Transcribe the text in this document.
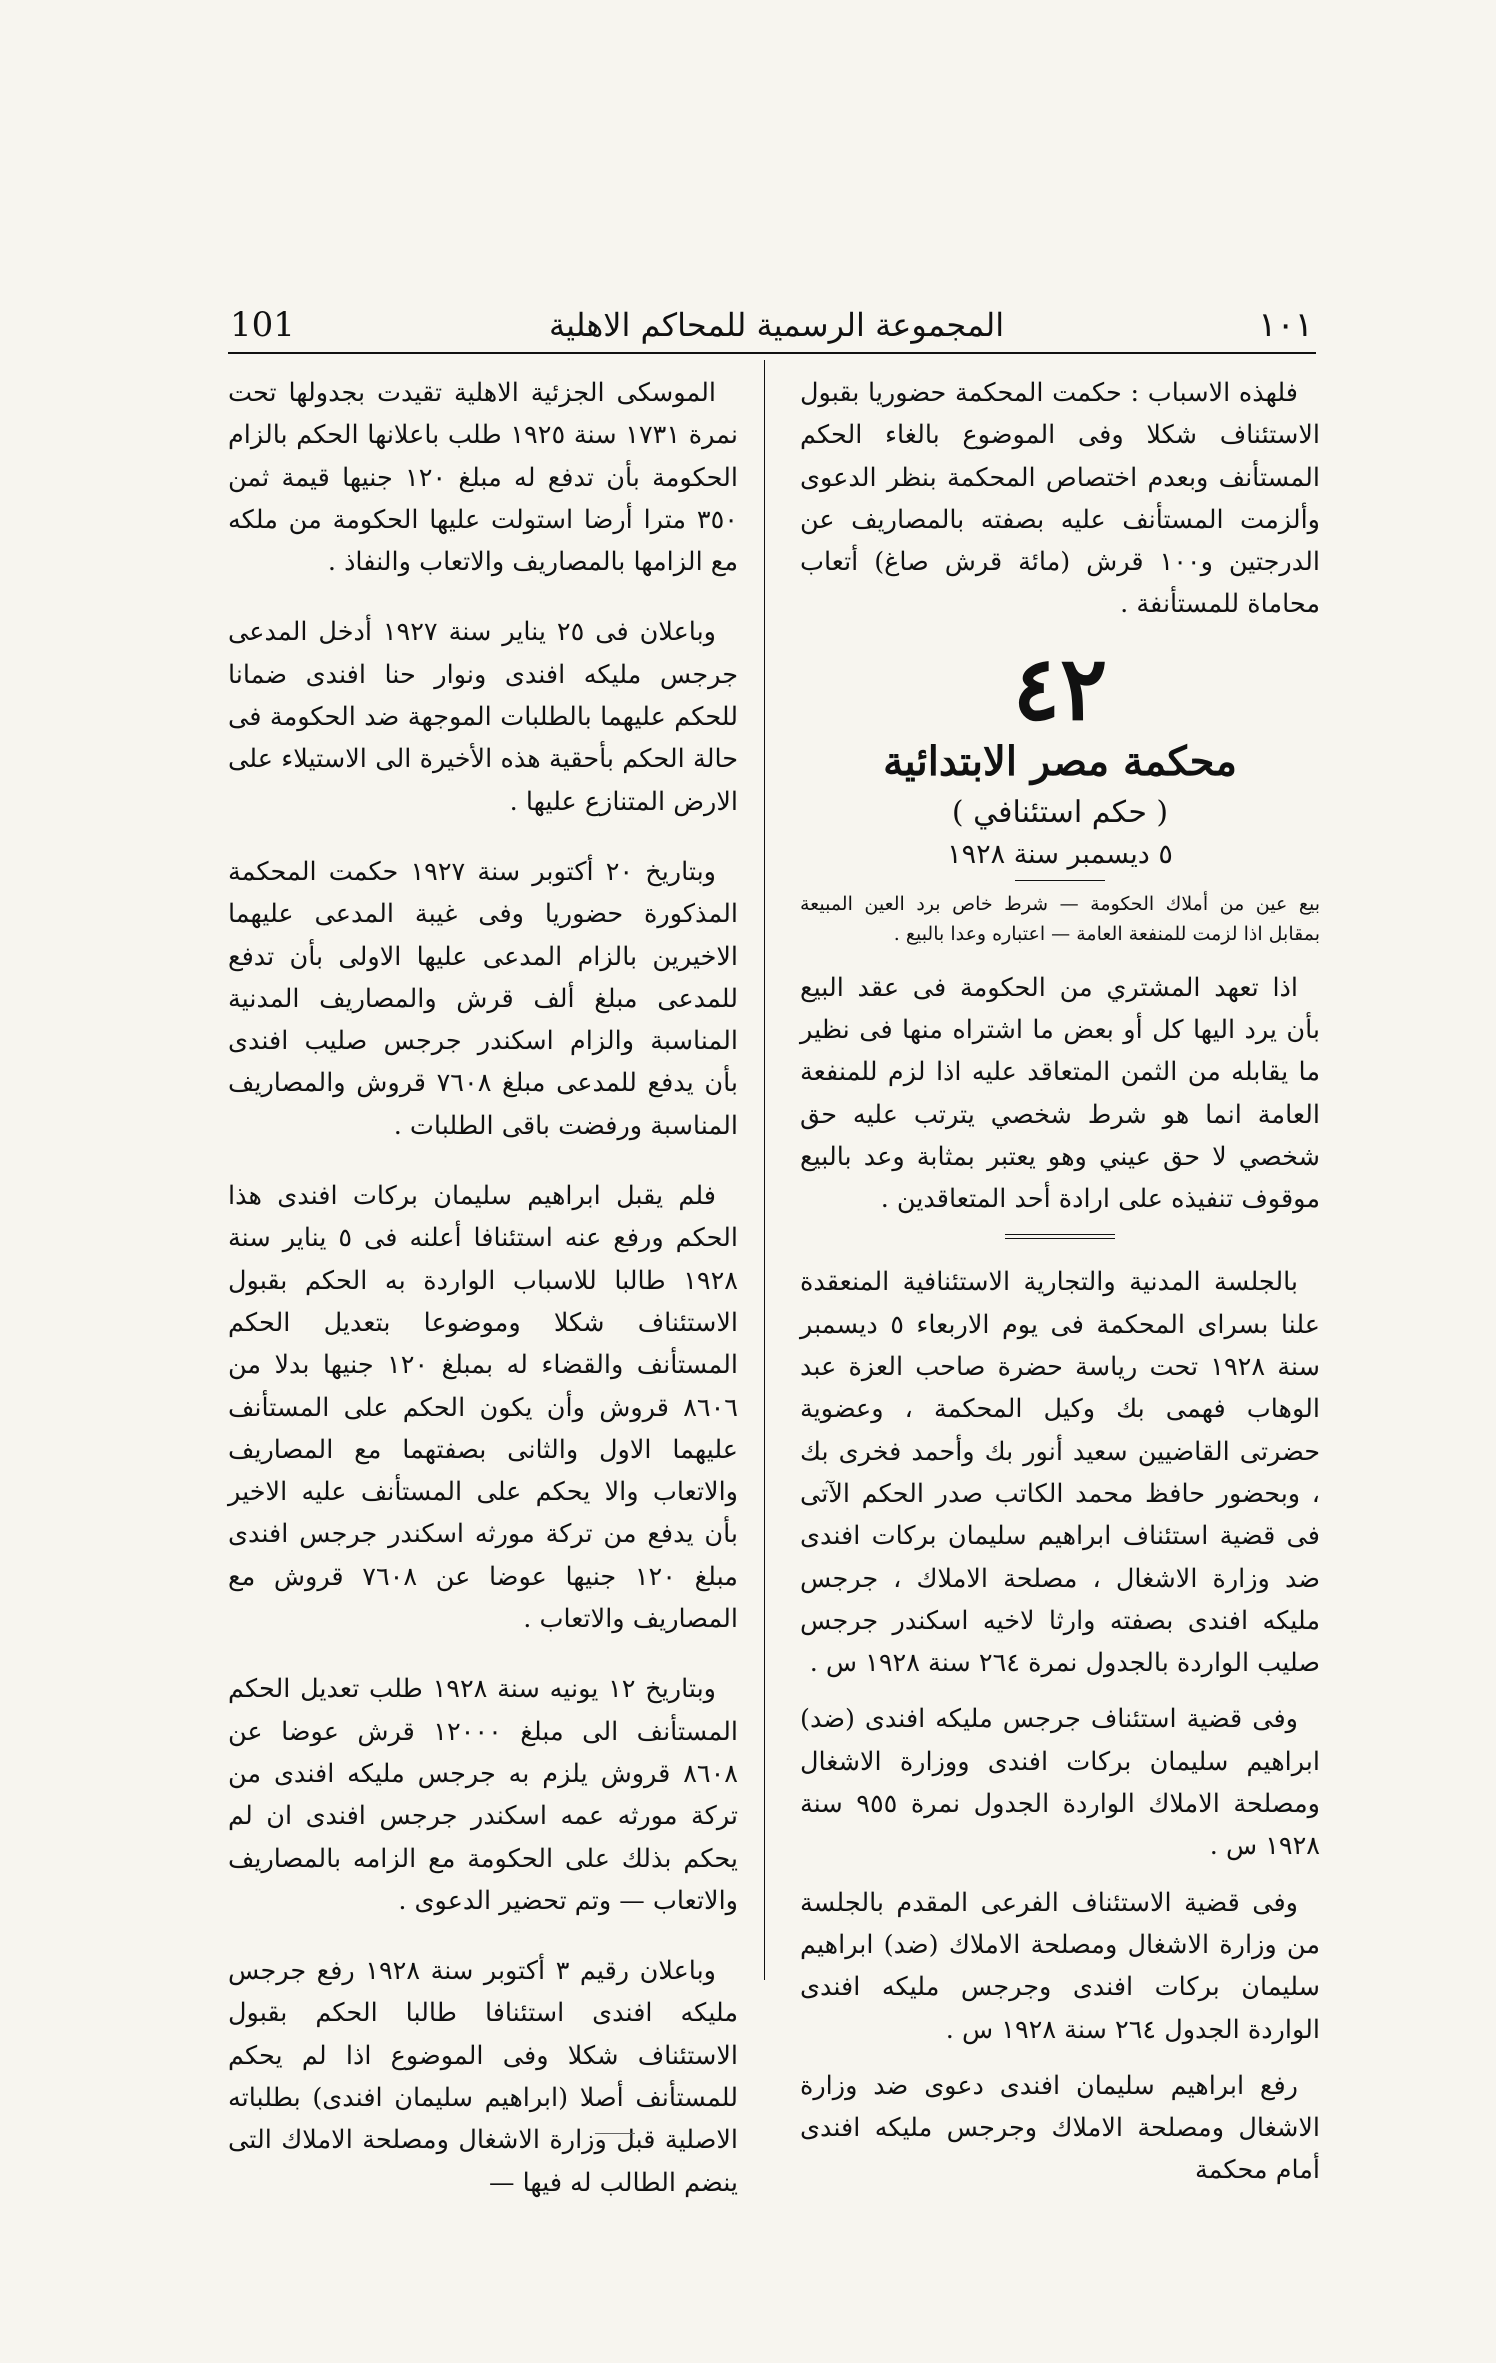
101	المجموعة الرسمية للمحاكم الاهلية	١٠١

فلهذه الاسباب : حكمت المحكمة حضوريا بقبول الاستئناف شكلا وفى الموضوع بالغاء الحكم المستأنف وبعدم اختصاص المحكمة بنظر الدعوى وألزمت المستأنف عليه بصفته بالمصاريف عن الدرجتين و١٠٠ قرش (مائة قرش صاغ) أتعاب محاماة للمستأنفة .

٤٢
محكمة مصر الابتدائية
( حكم استئنافي )
٥ ديسمبر سنة ١٩٢٨
بيع عين من أملاك الحكومة — شرط خاص برد العين المبيعة بمقابل اذا لزمت للمنفعة العامة — اعتباره وعدا بالبيع .

اذا تعهد المشتري من الحكومة فى عقد البيع بأن يرد اليها كل أو بعض ما اشتراه منها فى نظير ما يقابله من الثمن المتعاقد عليه اذا لزم للمنفعة العامة انما هو شرط شخصي يترتب عليه حق شخصي لا حق عيني وهو يعتبر بمثابة وعد بالبيع موقوف تنفيذه على ارادة أحد المتعاقدين .

بالجلسة المدنية والتجارية الاستئنافية المنعقدة علنا بسراى المحكمة فى يوم الاربعاء ٥ ديسمبر سنة ١٩٢٨ تحت رياسة حضرة صاحب العزة عبد الوهاب فهمى بك وكيل المحكمة ، وعضوية حضرتى القاضيين سعيد أنور بك وأحمد فخرى بك ، وبحضور حافظ محمد الكاتب صدر الحكم الآتى فى قضية استئناف ابراهيم سليمان بركات افندى ضد وزارة الاشغال ، مصلحة الاملاك ، جرجس مليكه افندى بصفته وارثا لاخيه اسكندر جرجس صليب الواردة بالجدول نمرة ٢٦٤ سنة ١٩٢٨ س .

وفى قضية استئناف جرجس مليكه افندى (ضد) ابراهيم سليمان بركات افندى ووزارة الاشغال ومصلحة الاملاك الواردة الجدول نمرة ٩٥٥ سنة ١٩٢٨ س .

وفى قضية الاستئناف الفرعى المقدم بالجلسة من وزارة الاشغال ومصلحة الاملاك (ضد) ابراهيم سليمان بركات افندى وجرجس مليكه افندى الواردة الجدول ٢٦٤ سنة ١٩٢٨ س .

رفع ابراهيم سليمان افندى دعوى ضد وزارة الاشغال ومصلحة الاملاك وجرجس مليكه افندى أمام محكمة

الموسكى الجزئية الاهلية تقيدت بجدولها تحت نمرة ١٧٣١ سنة ١٩٢٥ طلب باعلانها الحكم بالزام الحكومة بأن تدفع له مبلغ ١٢٠ جنيها قيمة ثمن ٣٥٠ مترا أرضا استولت عليها الحكومة من ملكه مع الزامها بالمصاريف والاتعاب والنفاذ .

وباعلان فى ٢٥ يناير سنة ١٩٢٧ أدخل المدعى جرجس مليكه افندى ونوار حنا افندى ضمانا للحكم عليهما بالطلبات الموجهة ضد الحكومة فى حالة الحكم بأحقية هذه الأخيرة الى الاستيلاء على الارض المتنازع عليها .

وبتاريخ ٢٠ أكتوبر سنة ١٩٢٧ حكمت المحكمة المذكورة حضوريا وفى غيبة المدعى عليهما الاخيرين بالزام المدعى عليها الاولى بأن تدفع للمدعى مبلغ ألف قرش والمصاريف المدنية المناسبة والزام اسكندر جرجس صليب افندى بأن يدفع للمدعى مبلغ ٧٦٠٨ قروش والمصاريف المناسبة ورفضت باقى الطلبات .

فلم يقبل ابراهيم سليمان بركات افندى هذا الحكم ورفع عنه استئنافا أعلنه فى ٥ يناير سنة ١٩٢٨ طالبا للاسباب الواردة به الحكم بقبول الاستئناف شكلا وموضوعا بتعديل الحكم المستأنف والقضاء له بمبلغ ١٢٠ جنيها بدلا من ٨٦٠٦ قروش وأن يكون الحكم على المستأنف عليهما الاول والثانى بصفتهما مع المصاريف والاتعاب والا يحكم على المستأنف عليه الاخير بأن يدفع من تركة مورثه اسكندر جرجس افندى مبلغ ١٢٠ جنيها عوضا عن ٧٦٠٨ قروش مع المصاريف والاتعاب .

وبتاريخ ١٢ يونيه سنة ١٩٢٨ طلب تعديل الحكم المستأنف الى مبلغ ١٢٠٠٠ قرش عوضا عن ٨٦٠٨ قروش يلزم به جرجس مليكه افندى من تركة مورثه عمه اسكندر جرجس افندى ان لم يحكم بذلك على الحكومة مع الزامه بالمصاريف والاتعاب — وتم تحضير الدعوى .

وباعلان رقيم ٣ أكتوبر سنة ١٩٢٨ رفع جرجس مليكه افندى استئنافا طالبا الحكم بقبول الاستئناف شكلا وفى الموضوع اذا لم يحكم للمستأنف أصلا (ابراهيم سليمان افندى) بطلباته الاصلية قبل وزارة الاشغال ومصلحة الاملاك التى ينضم الطالب له فيها —
